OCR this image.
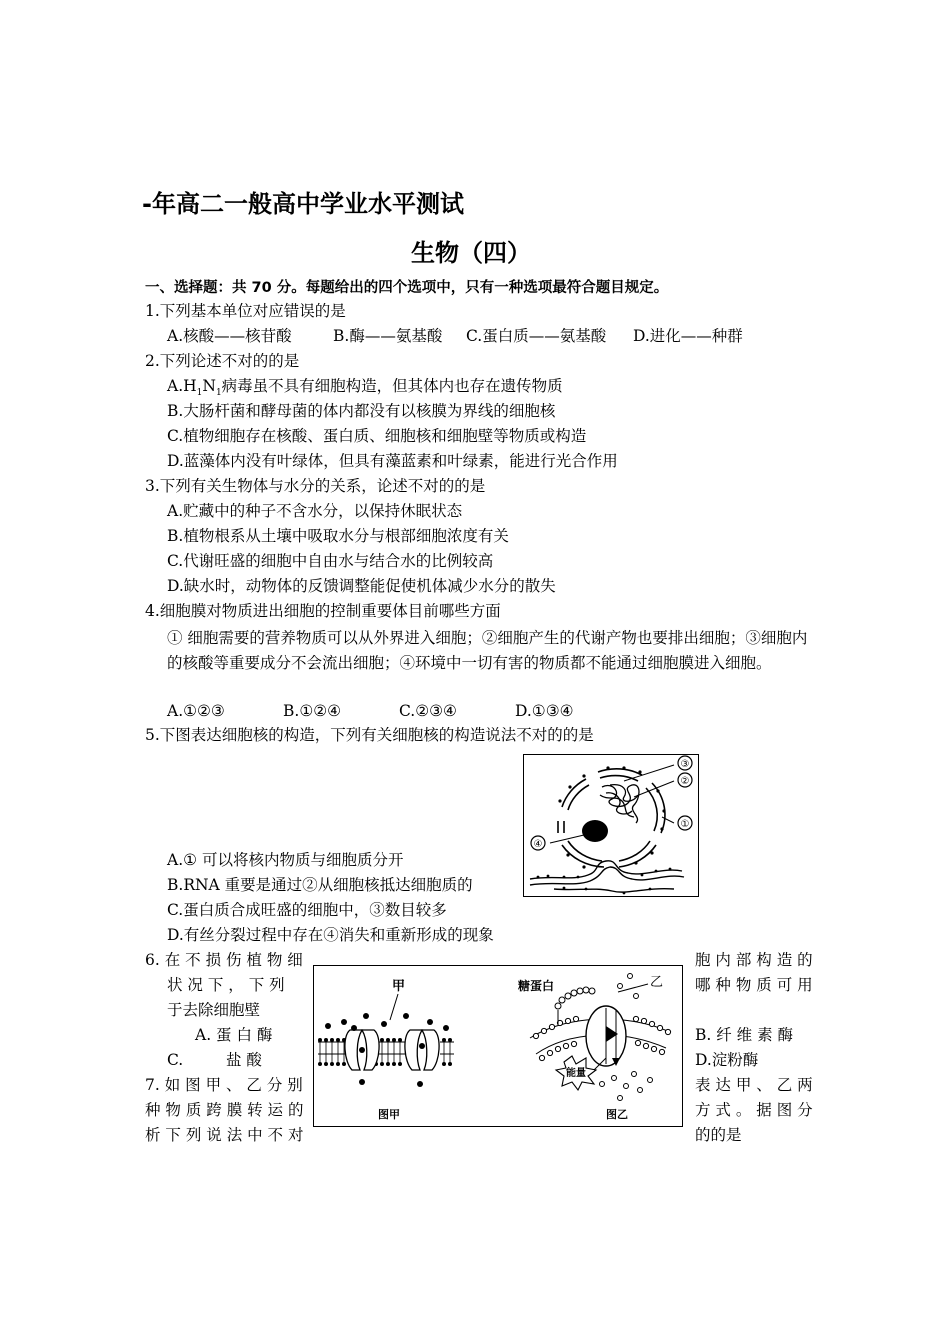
-年高二一般高中学业水平测试
生物（四）
一、选择题：共 70 分。每题给出的四个选项中，只有一种选项最符合题目规定。
1.下列基本单位对应错误的是
A.核酸——核苷酸	B.酶——氨基酸 C.蛋白质——氨基酸 D.进化——种群
2.下列论述不对的的是
$A.H_1N_1$病毒虽不具有细胞构造，但其体内也存在遗传物质
B.大肠杆菌和酵母菌的体内都没有以核膜为界线的细胞核
C.植物细胞存在核酸、蛋白质、细胞核和细胞壁等物质或构造
D.蓝藻体内没有叶绿体，但具有藻蓝素和叶绿素，能进行光合作用
3.下列有关生物体与水分的关系，论述不对的的是
A.贮藏中的种子不含水分，以保持休眠状态
B.植物根系从土壤中吸取水分与根部细胞浓度有关
C.代谢旺盛的细胞中自由水与结合水的比例较高
D.缺水时，动物体的反馈调整能促使机体减少水分的散失
4.细胞膜对物质进出细胞的控制重要体目前哪些方面
① 细胞需要的营养物质可以从外界进入细胞；②细胞产生的代谢产物也要排出细胞；③细胞内的核酸等重要成分不会流出细胞；④环境中一切有害的物质都不能通过细胞膜进入细胞。
A.①②③	B.①②④	C.②③④	D.①③④
5.下图表达细胞核的构造，下列有关细胞核的构造说法不对的的是
③
②
①
④
A.① 可以将核内物质与细胞质分开
B.RNA 重要是通过②从细胞核抵达细胞质的
C.蛋白质合成旺盛的细胞中，③数目较多
D.有丝分裂过程中存在④消失和重新形成的现象
6. 在 不 损 伤 植 物 细
状 况 下 ， 下 列
于去除细胞壁
A. 蛋 白 酶
C.	盐 酸
胞 内 部 构 造 的
哪 种 物 质 可 用
B. 纤 维 素 酶
D.淀粉酶
7. 如 图 甲 、 乙 分 别
种 物 质 跨 膜 转 运 的
析 下 列 说 法 中 不 对
表 达 甲 、 乙 两
方 式 。 据 图 分
的的是
甲
图甲
糖蛋白	乙
能量
图乙
